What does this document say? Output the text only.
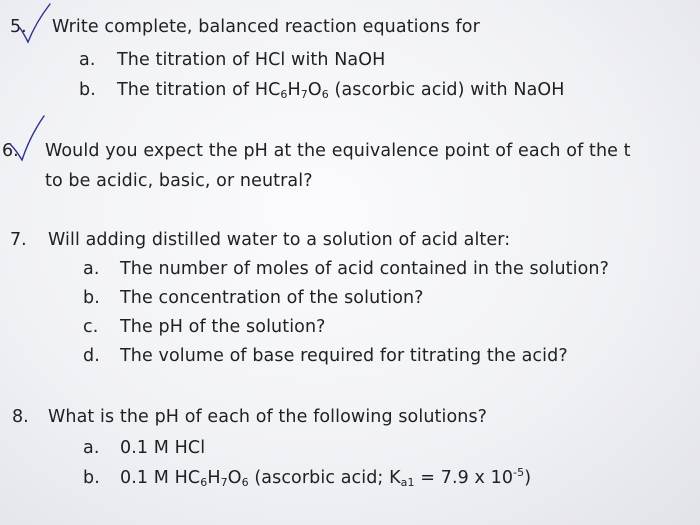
5. Write complete, balanced reaction equations for
a. The titration of HCl with NaOH
b. The titration of $HC_6H_7O_6$ (ascorbic acid) with NaOH
6. Would you expect the pH at the equivalence point of each of the t
to be acidic, basic, or neutral?
7. Will adding distilled water to a solution of acid alter:
a. The number of moles of acid contained in the solution?
b. The concentration of the solution?
c. The pH of the solution?
d. The volume of base required for titrating the acid?
8. What is the pH of each of the following solutions?
a. 0.1 M HCl
b. 0.1 M $HC_6H_7O_6$ (ascorbic acid; $K_{a1} = 7.9$ x $10^{-5}$)
